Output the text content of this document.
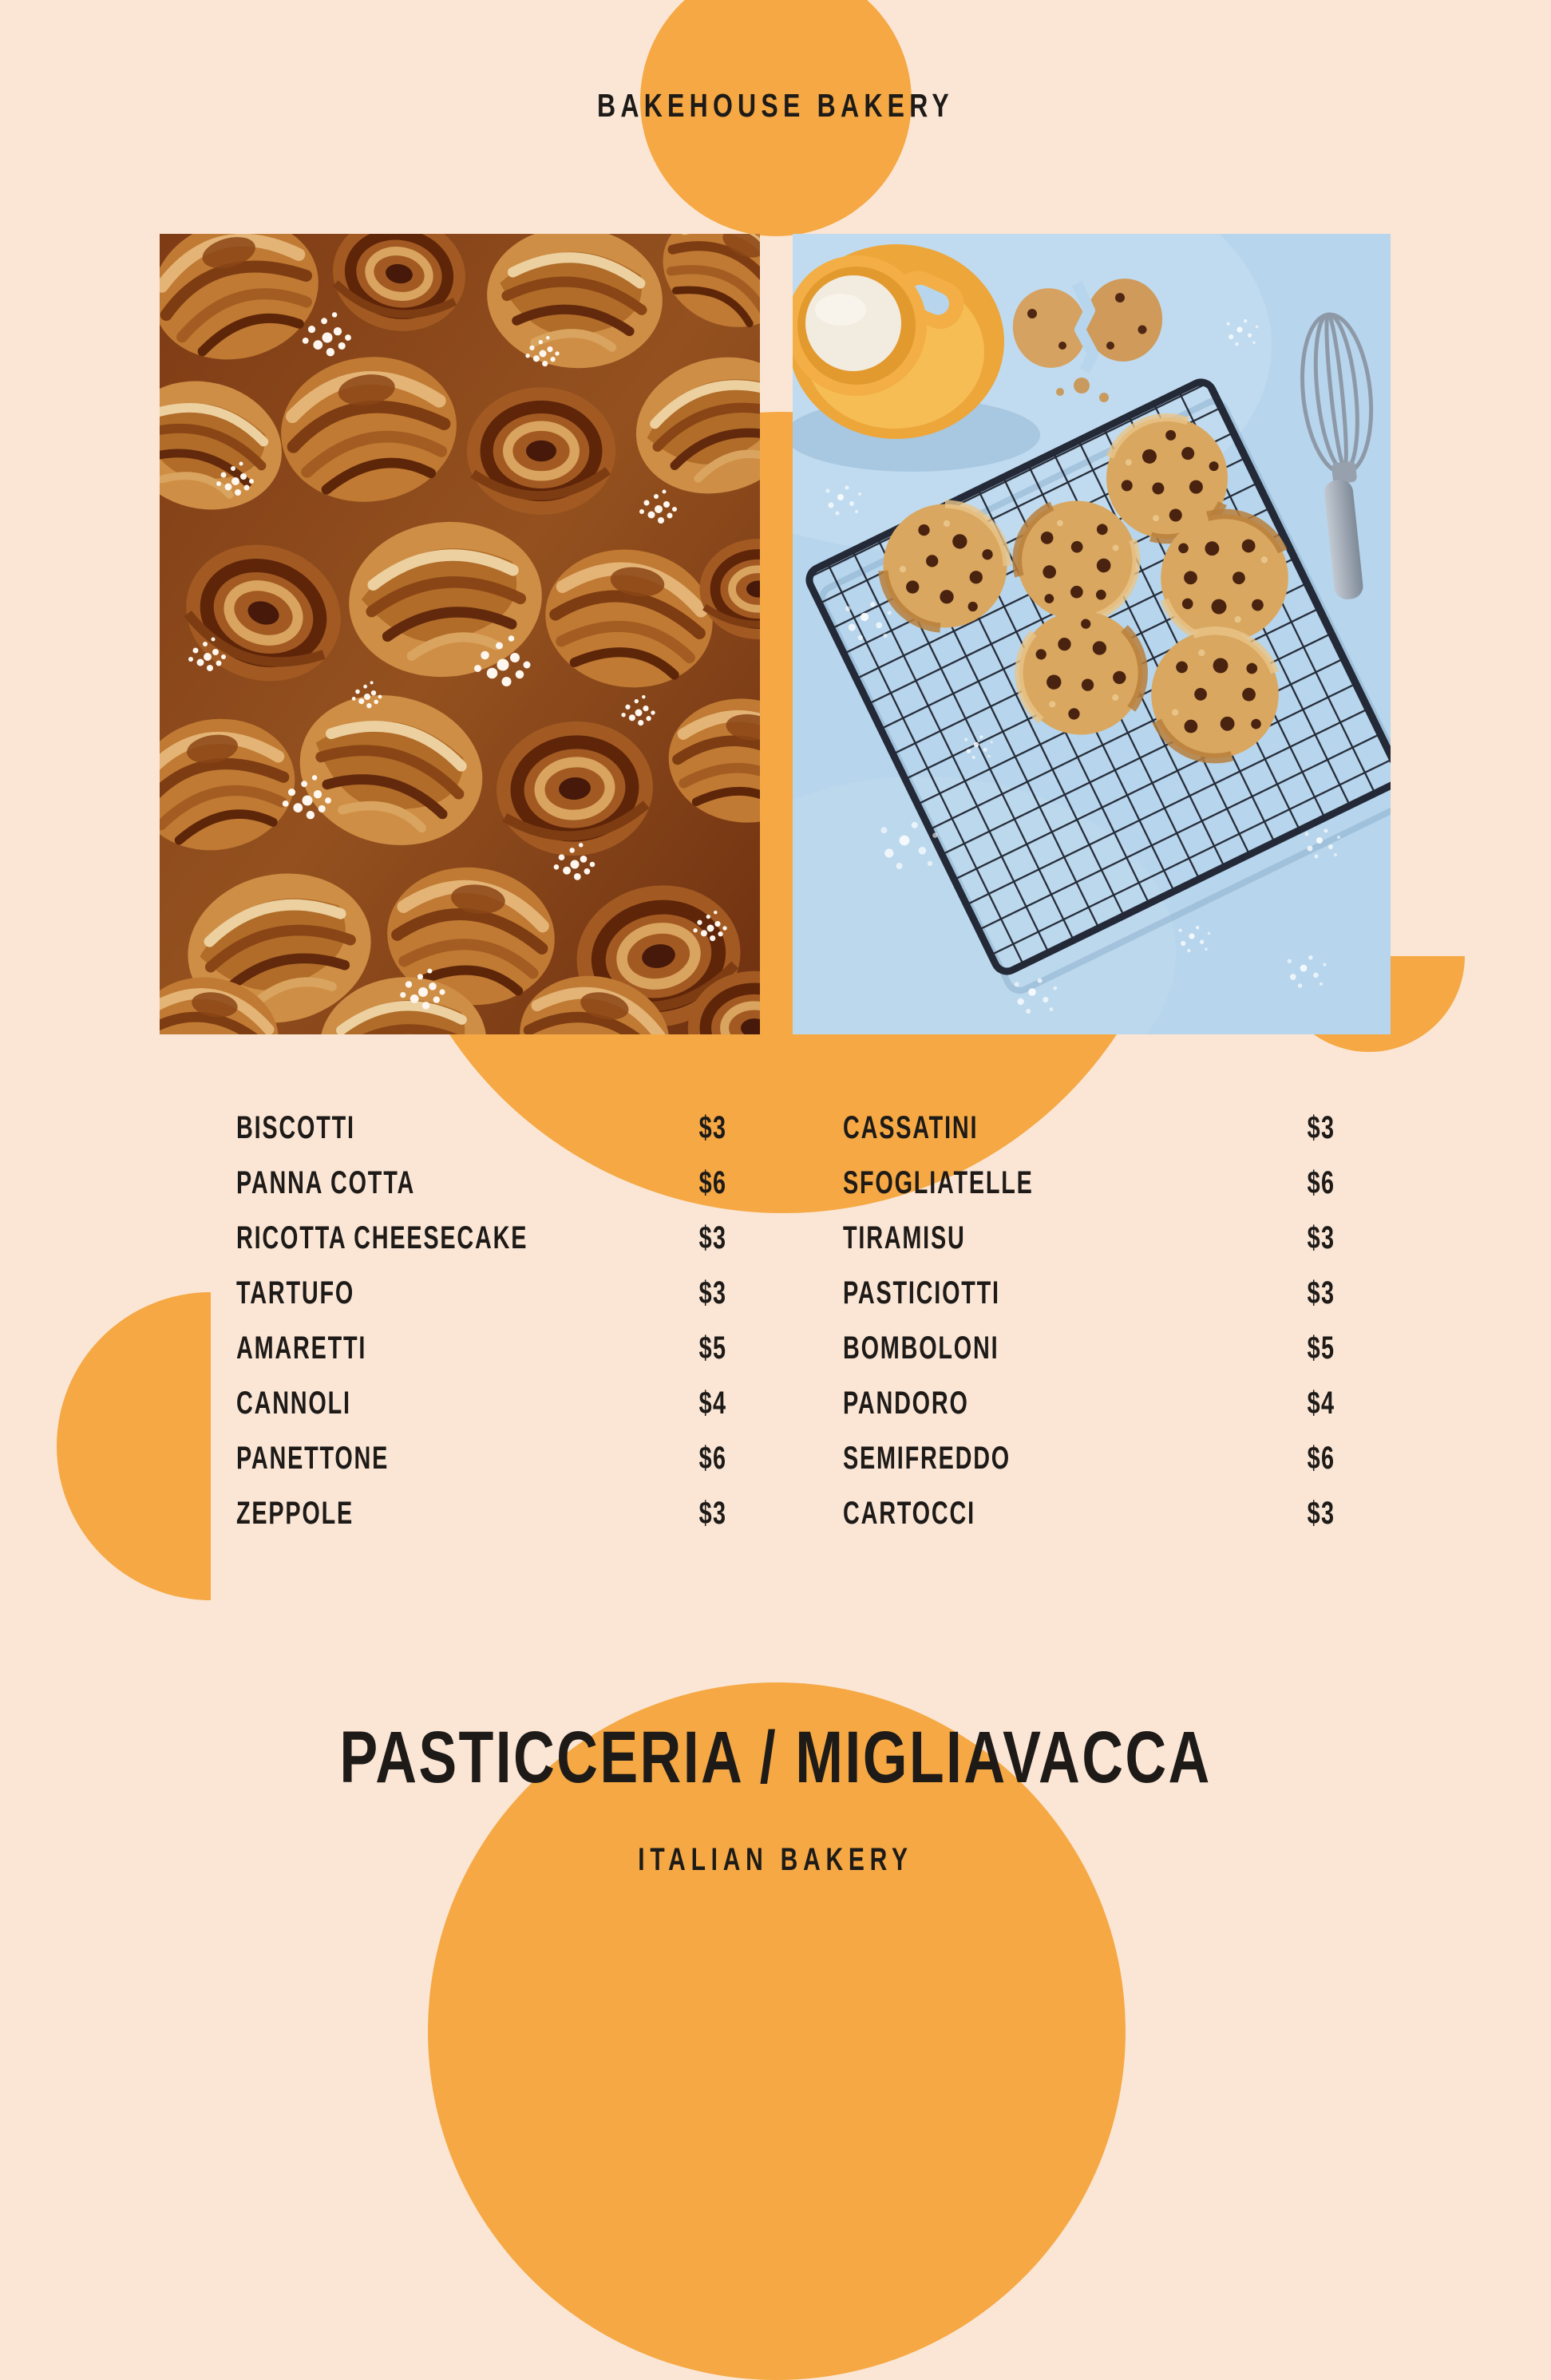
BAKEHOUSE BAKERY
BISCOTTI	$3
PANNA COTTA	$6
RICOTTA CHEESECAKE	$3
TARTUFO	$3
AMARETTI	$5
CANNOLI	$4
PANETTONE	$6
ZEPPOLE	$3
CASSATINI	$3
SFOGLIATELLE	$6
TIRAMISU	$3
PASTICIOTTI	$3
BOMBOLONI	$5
PANDORO	$4
SEMIFREDDO	$6
CARTOCCI	$3
PASTICCERIA / MIGLIAVACCA
ITALIAN BAKERY
